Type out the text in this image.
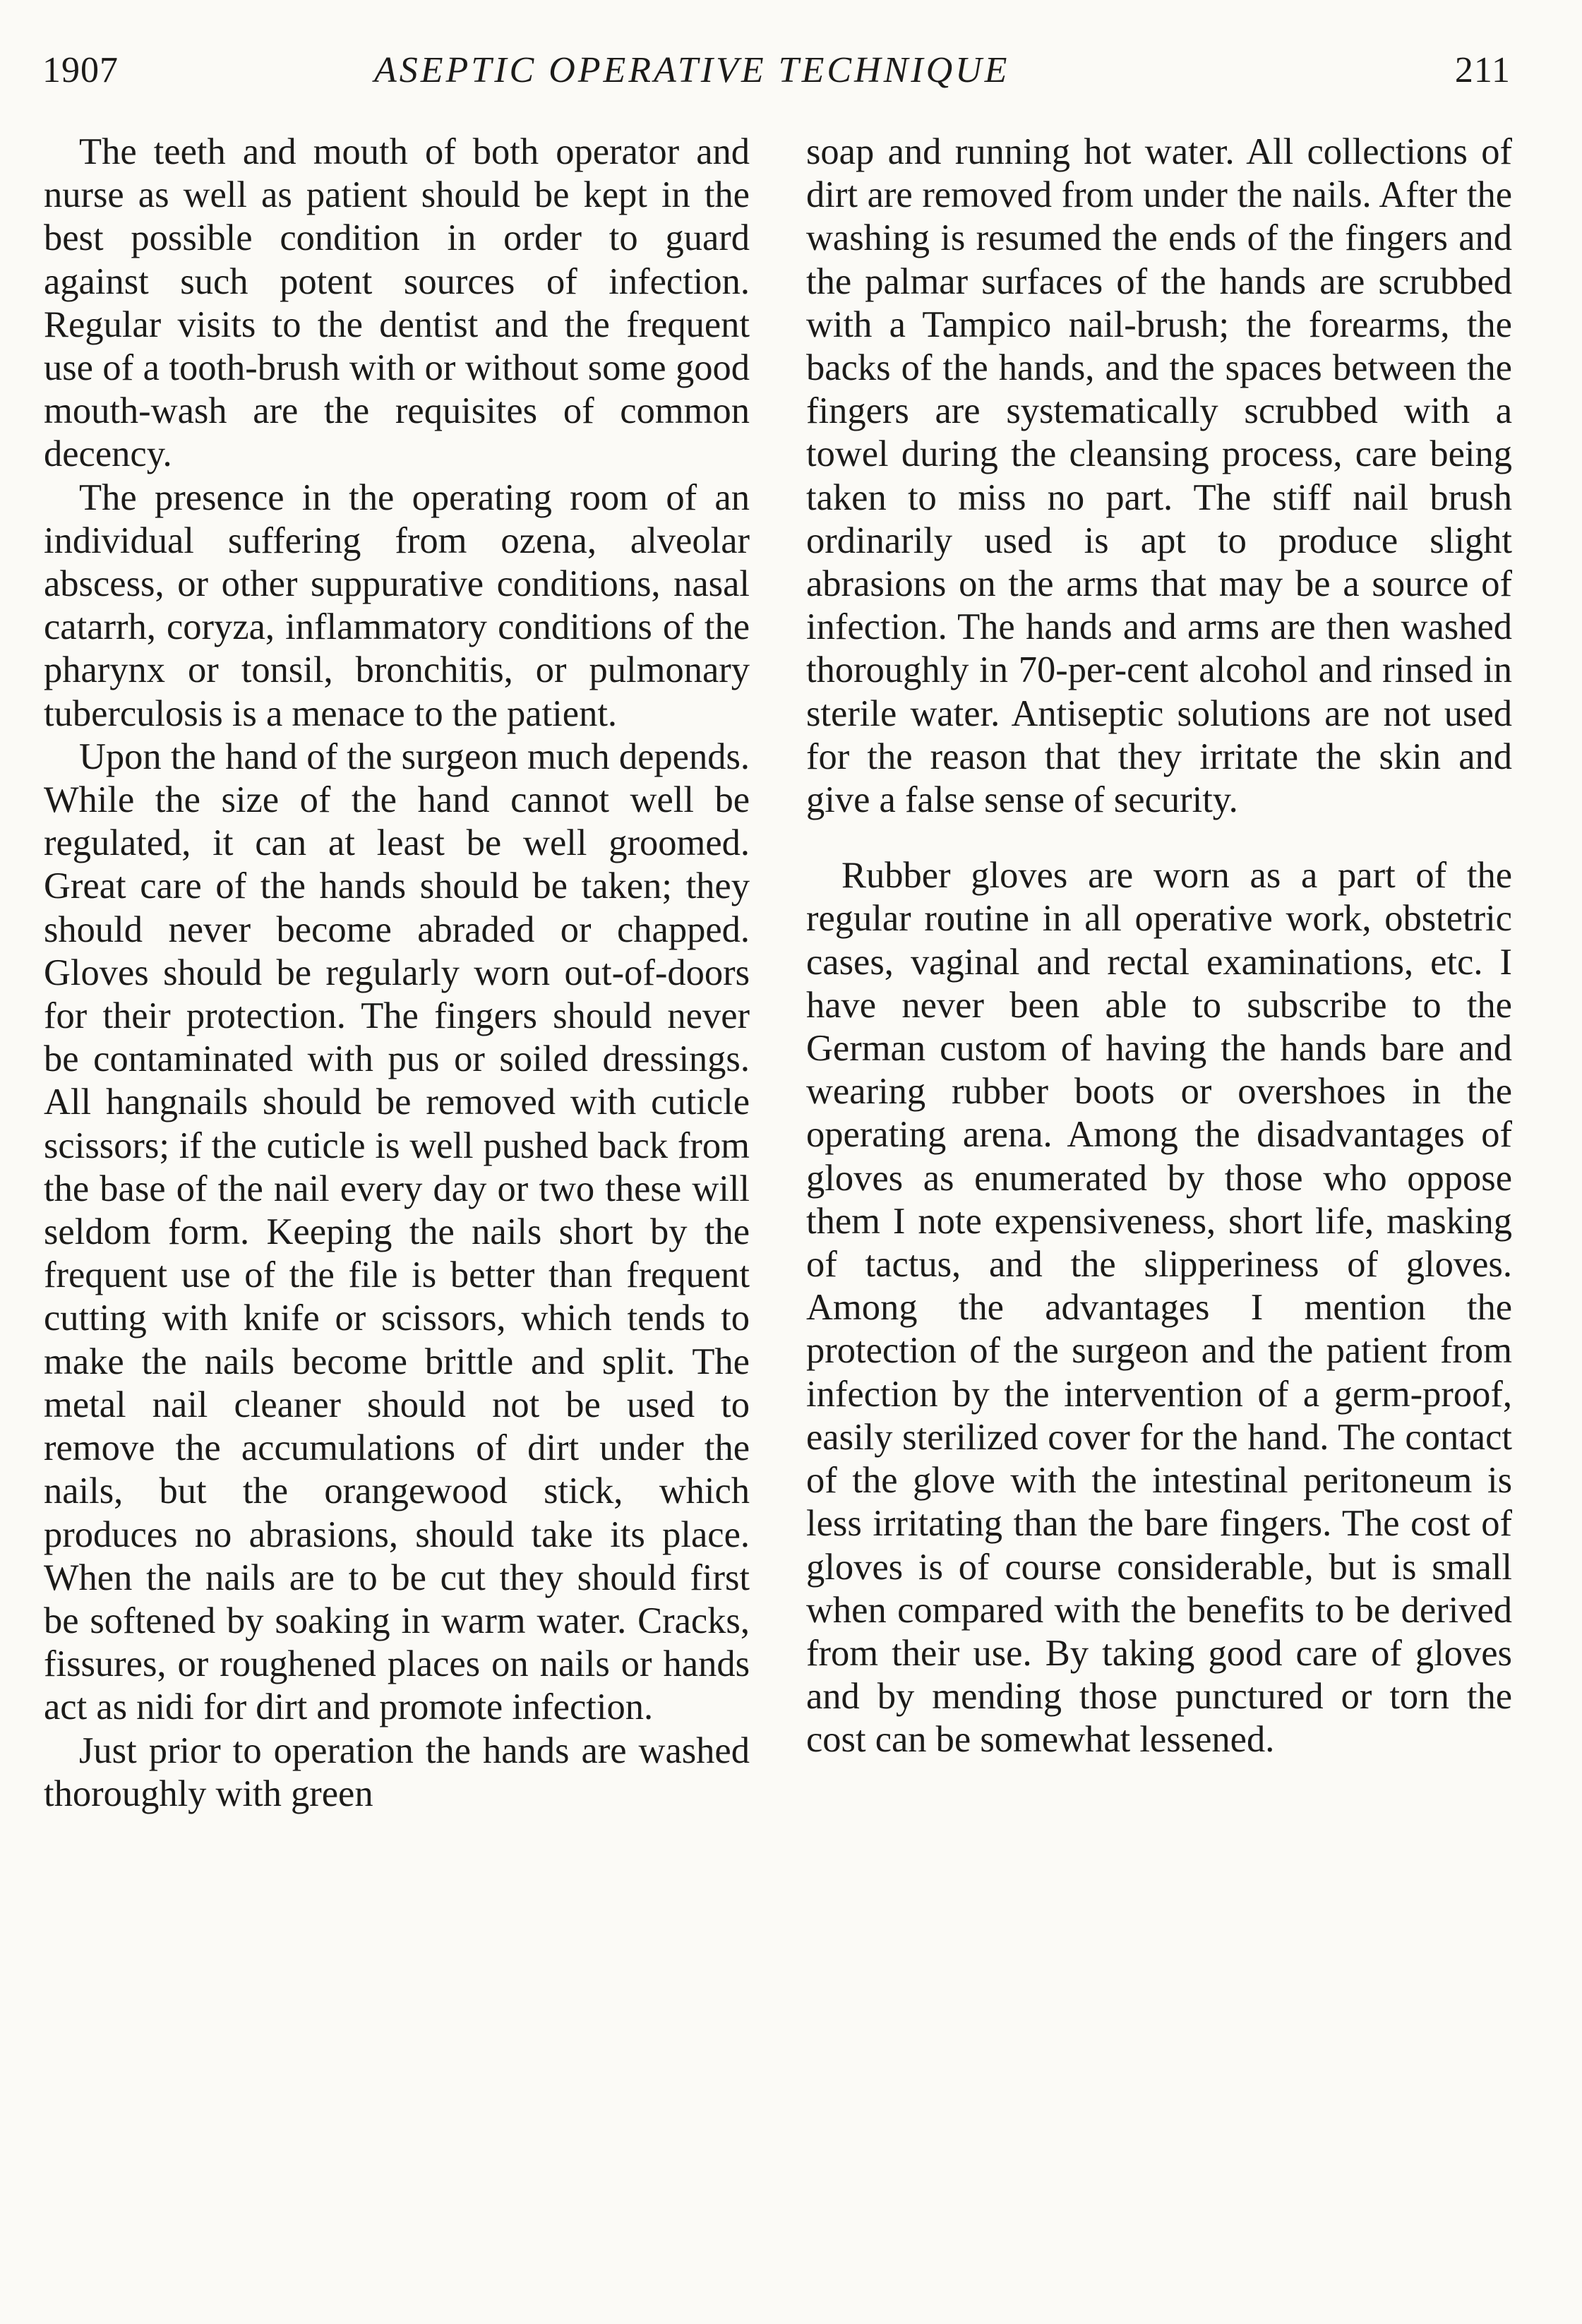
1907	ASEPTIC OPERATIVE TECHNIQUE	211

The teeth and mouth of both operator and nurse as well as patient should be kept in the best possible condition in order to guard against such potent sources of infection. Regular visits to the dentist and the frequent use of a tooth-brush with or without some good mouth-wash are the requisites of common decency.

The presence in the operating room of an individual suffering from ozena, alveolar abscess, or other suppurative conditions, nasal catarrh, coryza, inflammatory conditions of the pharynx or tonsil, bronchitis, or pulmonary tuberculosis is a menace to the patient.

Upon the hand of the surgeon much depends. While the size of the hand cannot well be regulated, it can at least be well groomed. Great care of the hands should be taken; they should never become abraded or chapped. Gloves should be regularly worn out-of-doors for their protection. The fingers should never be contaminated with pus or soiled dressings. All hangnails should be removed with cuticle scissors; if the cuticle is well pushed back from the base of the nail every day or two these will seldom form. Keeping the nails short by the frequent use of the file is better than frequent cutting with knife or scissors, which tends to make the nails become brittle and split. The metal nail cleaner should not be used to remove the accumulations of dirt under the nails, but the orangewood stick, which produces no abrasions, should take its place. When the nails are to be cut they should first be softened by soaking in warm water. Cracks, fissures, or roughened places on nails or hands act as nidi for dirt and promote infection.

Just prior to operation the hands are washed thoroughly with green

soap and running hot water. All collections of dirt are removed from under the nails. After the washing is resumed the ends of the fingers and the palmar surfaces of the hands are scrubbed with a Tampico nail-brush; the forearms, the backs of the hands, and the spaces between the fingers are systematically scrubbed with a towel during the cleansing process, care being taken to miss no part. The stiff nail brush ordinarily used is apt to produce slight abrasions on the arms that may be a source of infection. The hands and arms are then washed thoroughly in 70-per-cent alcohol and rinsed in sterile water. Antiseptic solutions are not used for the reason that they irritate the skin and give a false sense of security.

Rubber gloves are worn as a part of the regular routine in all operative work, obstetric cases, vaginal and rectal examinations, etc. I have never been able to subscribe to the German custom of having the hands bare and wearing rubber boots or overshoes in the operating arena. Among the disadvantages of gloves as enumerated by those who oppose them I note expensiveness, short life, masking of tactus, and the slipperiness of gloves. Among the advantages I mention the protection of the surgeon and the patient from infection by the intervention of a germ-proof, easily sterilized cover for the hand. The contact of the glove with the intestinal peritoneum is less irritating than the bare fingers. The cost of gloves is of course considerable, but is small when compared with the benefits to be derived from their use. By taking good care of gloves and by mending those punctured or torn the cost can be somewhat lessened.
